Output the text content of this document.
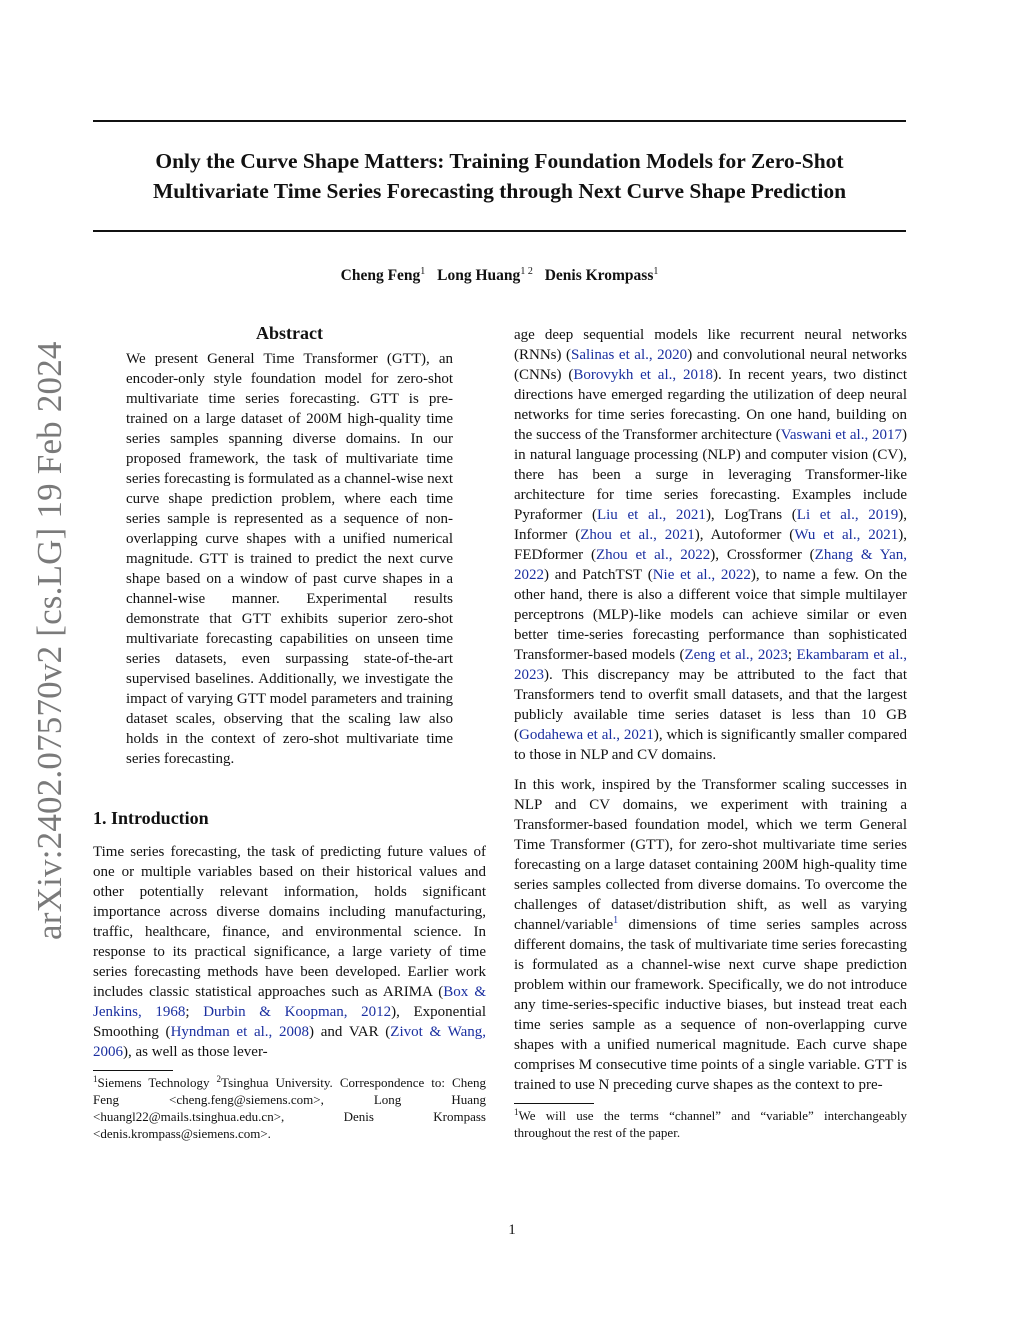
arXiv:2402.07570v2 [cs.LG] 19 Feb 2024
Only the Curve Shape Matters: Training Foundation Models for Zero-Shot
Multivariate Time Series Forecasting through Next Curve Shape Prediction
Cheng Feng$^1$ Long Huang$^{1 2}$ Denis Krompass$^1$
Abstract
We present General Time Transformer (GTT), an encoder-only style foundation model for zero-shot multivariate time series forecasting. GTT is pre-trained on a large dataset of 200M high-quality time series samples spanning diverse domains. In our proposed framework, the task of multivariate time series forecasting is formulated as a channel-wise next curve shape prediction problem, where each time series sample is represented as a sequence of non-overlapping curve shapes with a unified numerical magnitude. GTT is trained to predict the next curve shape based on a window of past curve shapes in a channel-wise manner. Experimental results demonstrate that GTT exhibits superior zero-shot multivariate forecasting capabilities on unseen time series datasets, even surpassing state-of-the-art supervised baselines. Additionally, we investigate the impact of varying GTT model parameters and training dataset scales, observing that the scaling law also holds in the context of zero-shot multivariate time series forecasting.
1. Introduction
Time series forecasting, the task of predicting future values of one or multiple variables based on their historical values and other potentially relevant information, holds significant importance across diverse domains including manufacturing, traffic, healthcare, finance, and environmental science. In response to its practical significance, a large variety of time series forecasting methods have been developed. Earlier work includes classic statistical approaches such as ARIMA (Box & Jenkins, 1968; Durbin & Koopman, 2012), Exponential Smoothing (Hyndman et al., 2008) and VAR (Zivot & Wang, 2006), as well as those lever-
$^1$Siemens Technology $^2$Tsinghua University. Correspondence to: Cheng Feng <cheng.feng@siemens.com>, Long Huang <huangl22@mails.tsinghua.edu.cn>, Denis Krompass <denis.krompass@siemens.com>.
age deep sequential models like recurrent neural networks (RNNs) (Salinas et al., 2020) and convolutional neural networks (CNNs) (Borovykh et al., 2018). In recent years, two distinct directions have emerged regarding the utilization of deep neural networks for time series forecasting. On one hand, building on the success of the Transformer architecture (Vaswani et al., 2017) in natural language processing (NLP) and computer vision (CV), there has been a surge in leveraging Transformer-like architecture for time series forecasting. Examples include Pyraformer (Liu et al., 2021), LogTrans (Li et al., 2019), Informer (Zhou et al., 2021), Autoformer (Wu et al., 2021), FEDformer (Zhou et al., 2022), Crossformer (Zhang & Yan, 2022) and PatchTST (Nie et al., 2022), to name a few. On the other hand, there is also a different voice that simple multilayer perceptrons (MLP)-like models can achieve similar or even better time-series forecasting performance than sophisticated Transformer-based models (Zeng et al., 2023; Ekambaram et al., 2023). This discrepancy may be attributed to the fact that Transformers tend to overfit small datasets, and that the largest publicly available time series dataset is less than 10 GB (Godahewa et al., 2021), which is significantly smaller compared to those in NLP and CV domains.
In this work, inspired by the Transformer scaling successes in NLP and CV domains, we experiment with training a Transformer-based foundation model, which we term General Time Transformer (GTT), for zero-shot multivariate time series forecasting on a large dataset containing 200M high-quality time series samples collected from diverse domains. To overcome the challenges of dataset/distribution shift, as well as varying channel/variable$^1$ dimensions of time series samples across different domains, the task of multivariate time series forecasting is formulated as a channel-wise next curve shape prediction problem within our framework. Specifically, we do not introduce any time-series-specific inductive biases, but instead treat each time series sample as a sequence of non-overlapping curve shapes with a unified numerical magnitude. Each curve shape comprises M consecutive time points of a single variable. GTT is trained to use N preceding curve shapes as the context to pre-
$^1$We will use the terms “channel” and “variable” interchangeably throughout the rest of the paper.
1
